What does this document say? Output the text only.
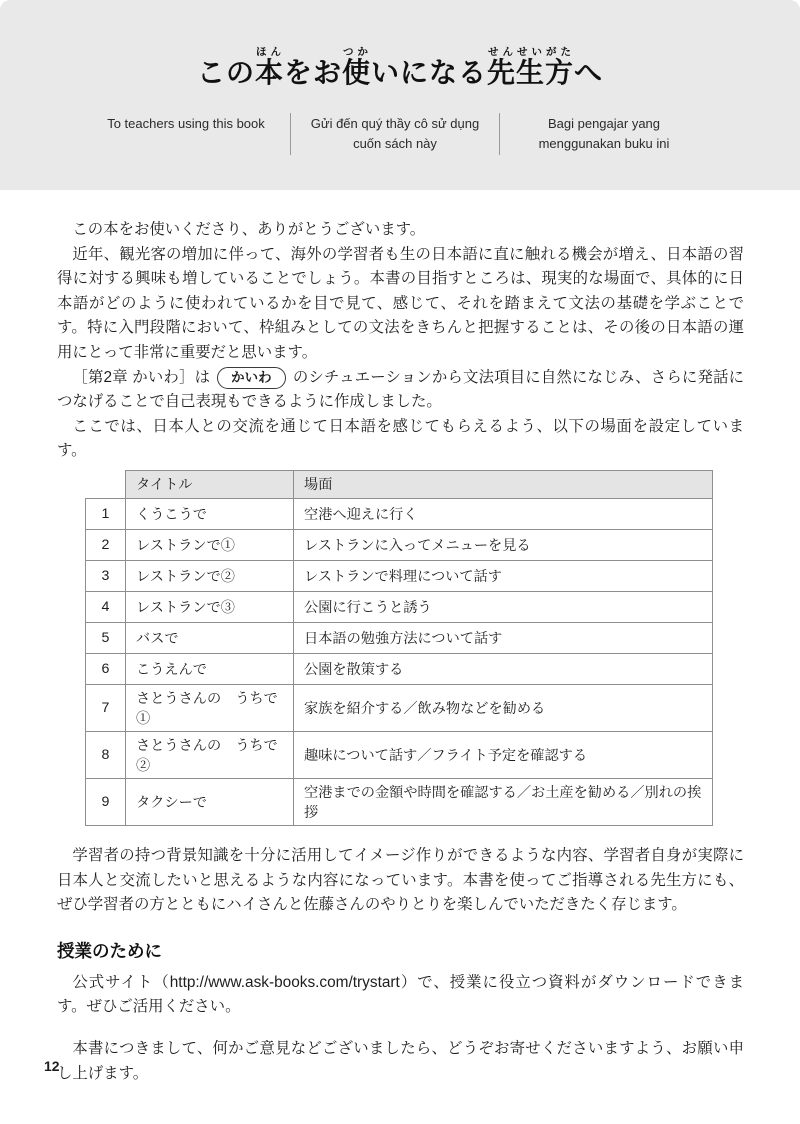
この本ほんをお使つかいになる先生方せんせいがたへ
To teachers using this book	Gửi đến quý thầy cô sử dụng cuốn sách này
Bagi pengajar yang menggunakan buku ini

この本をお使いくださり、ありがとうございます。

近年、観光客の増加に伴って、海外の学習者も生の日本語に直に触れる機会が増え、日本語の習得に対する興味も増していることでしょう。本書の目指すところは、現実的な場面で、具体的に日本語がどのように使われているかを目で見て、感じて、それを踏まえて文法の基礎を学ぶことです。特に入門段階において、枠組みとしての文法をきちんと把握することは、その後の日本語の運用にとって非常に重要だと思います。

［第2章 かいわ］は かいわ のシチュエーションから文法項目に自然になじみ、さらに発話につなげることで自己表現もできるように作成しました。

ここでは、日本人との交流を通じて日本語を感じてもらえるよう、以下の場面を設定しています。

	タイトル	場面
1	くうこうで	空港へ迎えに行く
2	レストランで①	レストランに入ってメニューを見る
3	レストランで②	レストランで料理について話す
4	レストランで③	公園に行こうと誘う
5	バスで	日本語の勉強方法について話す
6	こうえんで	公園を散策する
7	さとうさんの　うちで①	家族を紹介する／飲み物などを勧める
8	さとうさんの　うちで②	趣味について話す／フライト予定を確認する
9	タクシーで	空港までの金額や時間を確認する／お土産を勧める／別れの挨拶

学習者の持つ背景知識を十分に活用してイメージ作りができるような内容、学習者自身が実際に日本人と交流したいと思えるような内容になっています。本書を使ってご指導される先生方にも、ぜひ学習者の方とともにハイさんと佐藤さんのやりとりを楽しんでいただきたく存じます。

授業のために

公式サイト（http://www.ask-books.com/trystart）で、授業に役立つ資料がダウンロードできます。ぜひご活用ください。

本書につきまして、何かご意見などございましたら、どうぞお寄せくださいますよう、お願い申し上げます。

12
